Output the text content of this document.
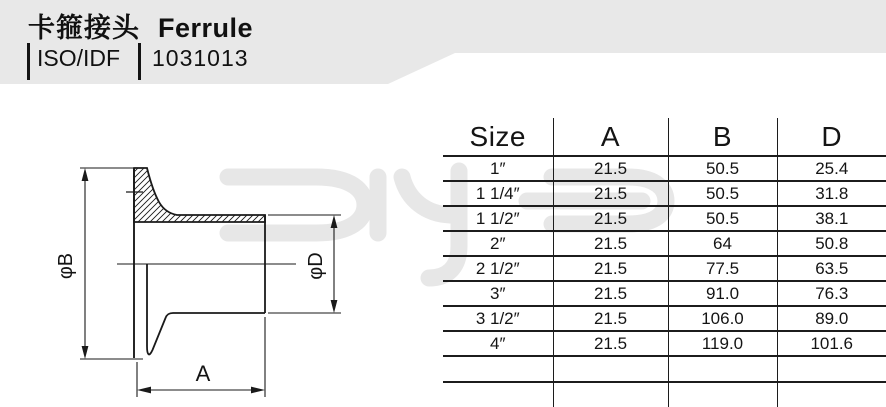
卡箍接头 Ferrule
ISO/IDF 1031013
φB	φD
A
Size	A	B	D
1″	21.5	50.5	25.4
1 1/4″	21.5	50.5	31.8
1 1/2″	21.5	50.5	38.1
2″	21.5	64	50.8
2 1/2″	21.5	77.5	63.5
3″	21.5	91.0	76.3
3 1/2″	21.5	106.0	89.0
4″	21.5	119.0	101.6
